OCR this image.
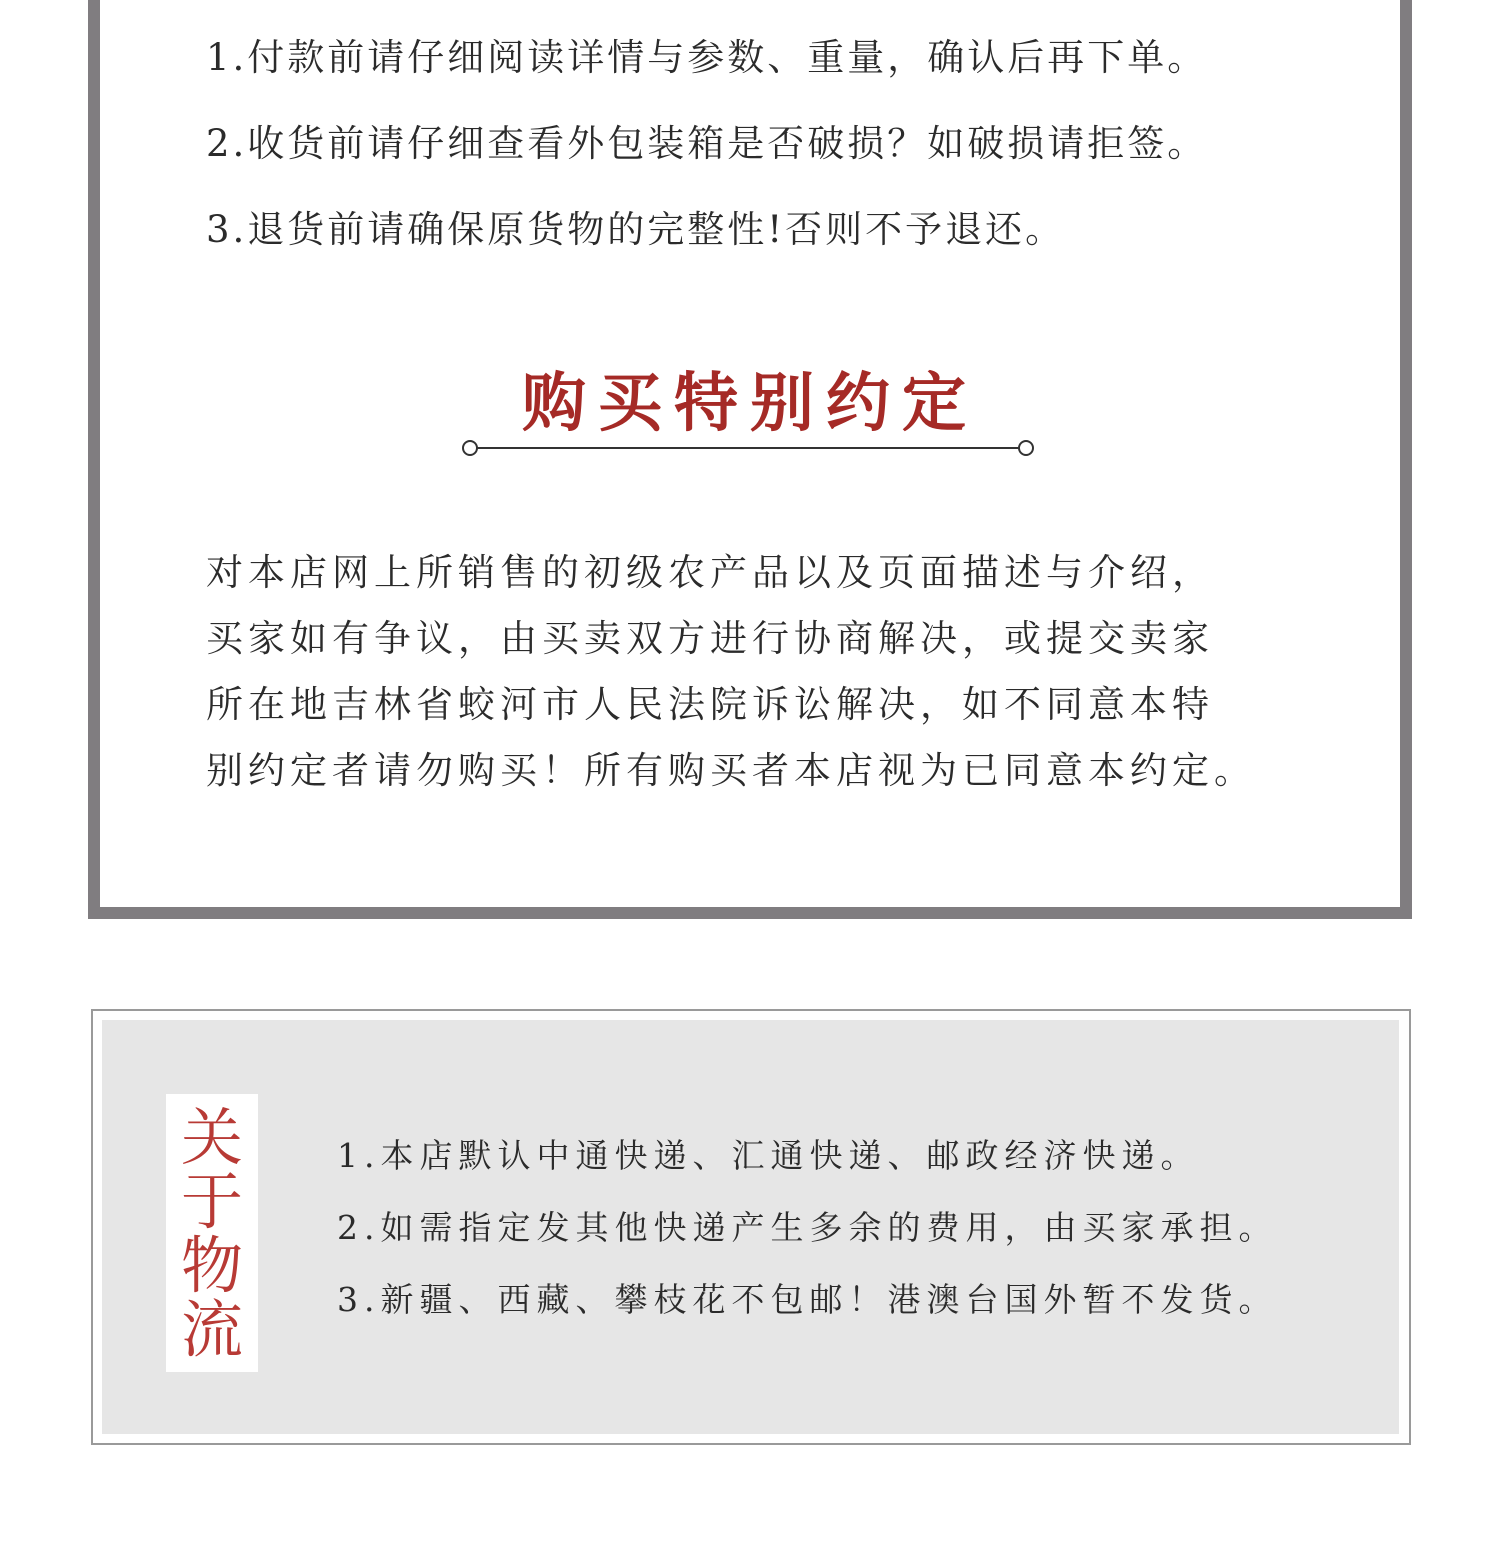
1.付款前请仔细阅读详情与参数、重量，确认后再下单。
2.收货前请仔细查看外包装箱是否破损？如破损请拒签。
3.退货前请确保原货物的完整性!否则不予退还。
购买特别约定
对本店网上所销售的初级农产品以及页面描述与介绍，
买家如有争议，由买卖双方进行协商解决，或提交卖家
所在地吉林省蛟河市人民法院诉讼解决，如不同意本特
别约定者请勿购买！所有购买者本店视为已同意本约定。
关
于
物
流
1.本店默认中通快递、汇通快递、邮政经济快递。
2.如需指定发其他快递产生多余的费用，由买家承担。
3.新疆、西藏、攀枝花不包邮！港澳台国外暂不发货。
